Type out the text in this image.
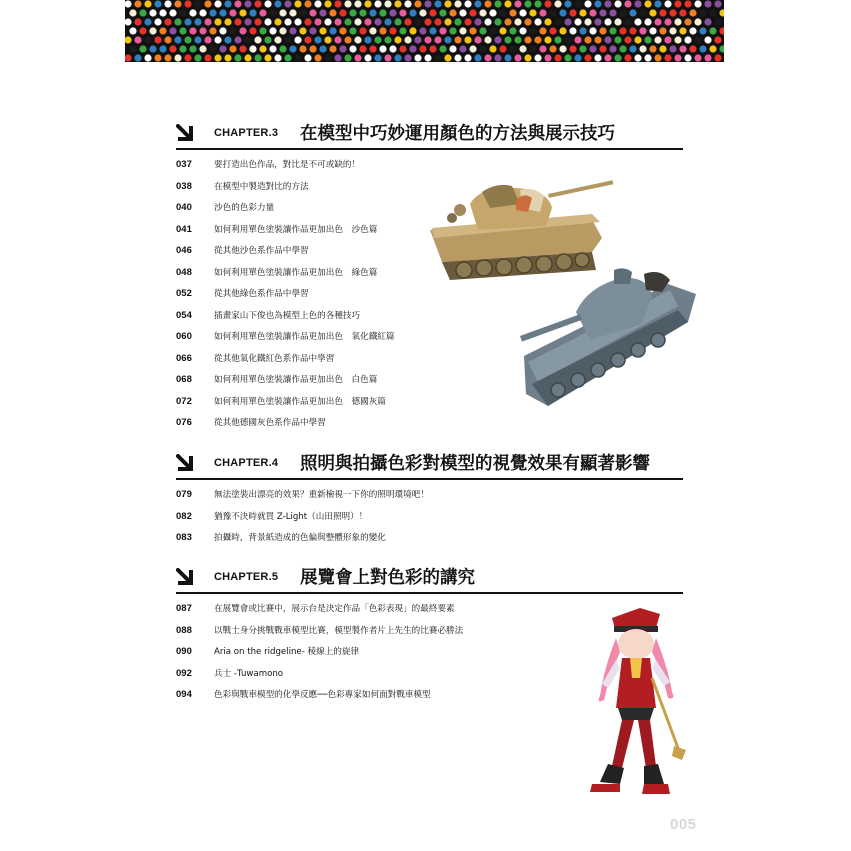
CHAPTER.3 在模型中巧妙運用顏色的方法與展示技巧
037	要打造出色作品，對比是不可或缺的！
038	在模型中製造對比的方法
040	沙色的色彩力量
041	如何利用單色塗裝讓作品更加出色　沙色篇
046	從其他沙色系作品中學習
048	如何利用單色塗裝讓作品更加出色　綠色篇
052	從其他綠色系作品中學習
054	插畫家山下俊也為模型上色的各種技巧
060	如何利用單色塗裝讓作品更加出色　氧化鐵紅篇
066	從其他氧化鐵紅色系作品中學習
068	如何利用單色塗裝讓作品更加出色　白色篇
072	如何利用單色塗裝讓作品更加出色　德國灰篇
076	從其他德國灰色系作品中學習
CHAPTER.4 照明與拍攝色彩對模型的視覺效果有顯著影響
079	無法塗裝出漂亮的效果？重新檢視一下你的照明環境吧！
082	猶豫不決時就買 Z-Light（山田照明）！
083	拍攝時，背景紙造成的色偏與整體形象的變化
CHAPTER.5 展覽會上對色彩的講究
087	在展覽會或比賽中，展示台是決定作品「色彩表現」的最終要素
088	以戰士身分挑戰戰車模型比賽，模型製作者片上先生的比賽必勝法
090	Aria on the ridgeline- 稜線上的旋律
092	兵士 -Tuwamono
094	色彩與戰車模型的化學反應──色彩專家如何面對戰車模型
005
